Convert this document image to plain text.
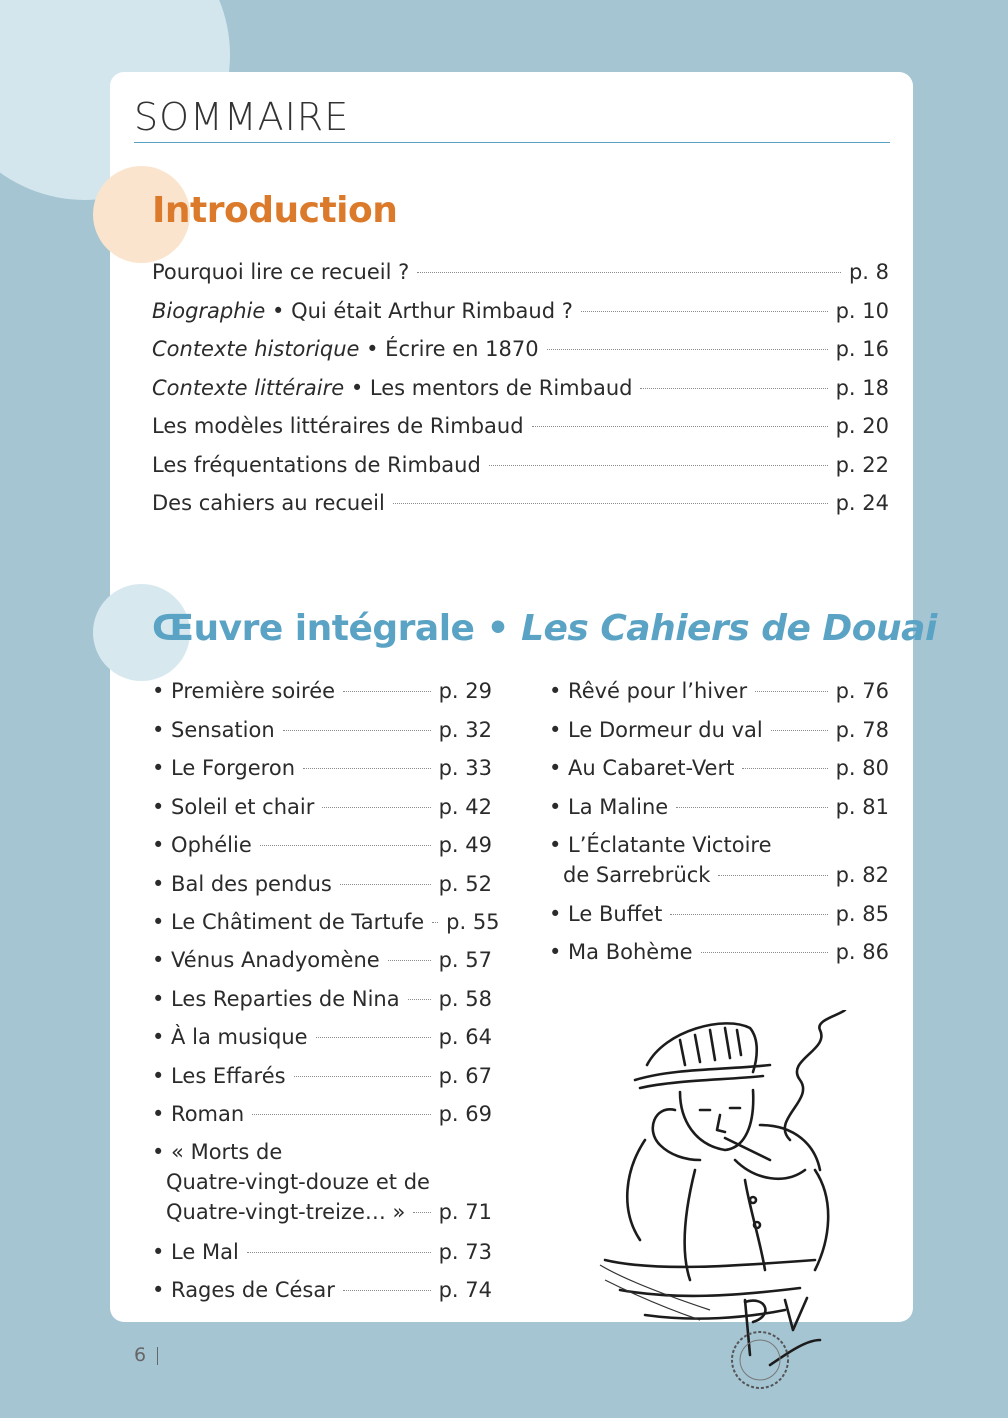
SOMMAIRE
Introduction
Pourquoi lire ce recueil ?	p. 8
Biographie • Qui était Arthur Rimbaud ?	p. 10
Contexte historique • Écrire en 1870	p. 16
Contexte littéraire • Les mentors de Rimbaud	p. 18
Les modèles littéraires de Rimbaud	p. 20
Les fréquentations de Rimbaud	p. 22
Des cahiers au recueil	p. 24
Œuvre intégrale • Les Cahiers de Douai
• Première soirée	p. 29
• Sensation	p. 32
• Le Forgeron	p. 33
• Soleil et chair	p. 42
• Ophélie	p. 49
• Bal des pendus	p. 52
• Le Châtiment de Tartufe p. 55
• Vénus Anadyomène	p. 57
• Les Reparties de Nina p. 58
• À la musique	p. 64
• Les Effarés	p. 67
• Roman	p. 69
• « Morts de
Quatre-vingt-douze et de
Quatre-vingt-treize… » p. 71
• Le Mal	p. 73
• Rages de César	p. 74
• Rêvé pour l’hiver	p. 76
• Le Dormeur du val	p. 78
• Au Cabaret-Vert	p. 80
• La Maline	p. 81
• L’Éclatante Victoire
de Sarrebrück	p. 82
• Le Buffet	p. 85
• Ma Bohème	p. 86
6
